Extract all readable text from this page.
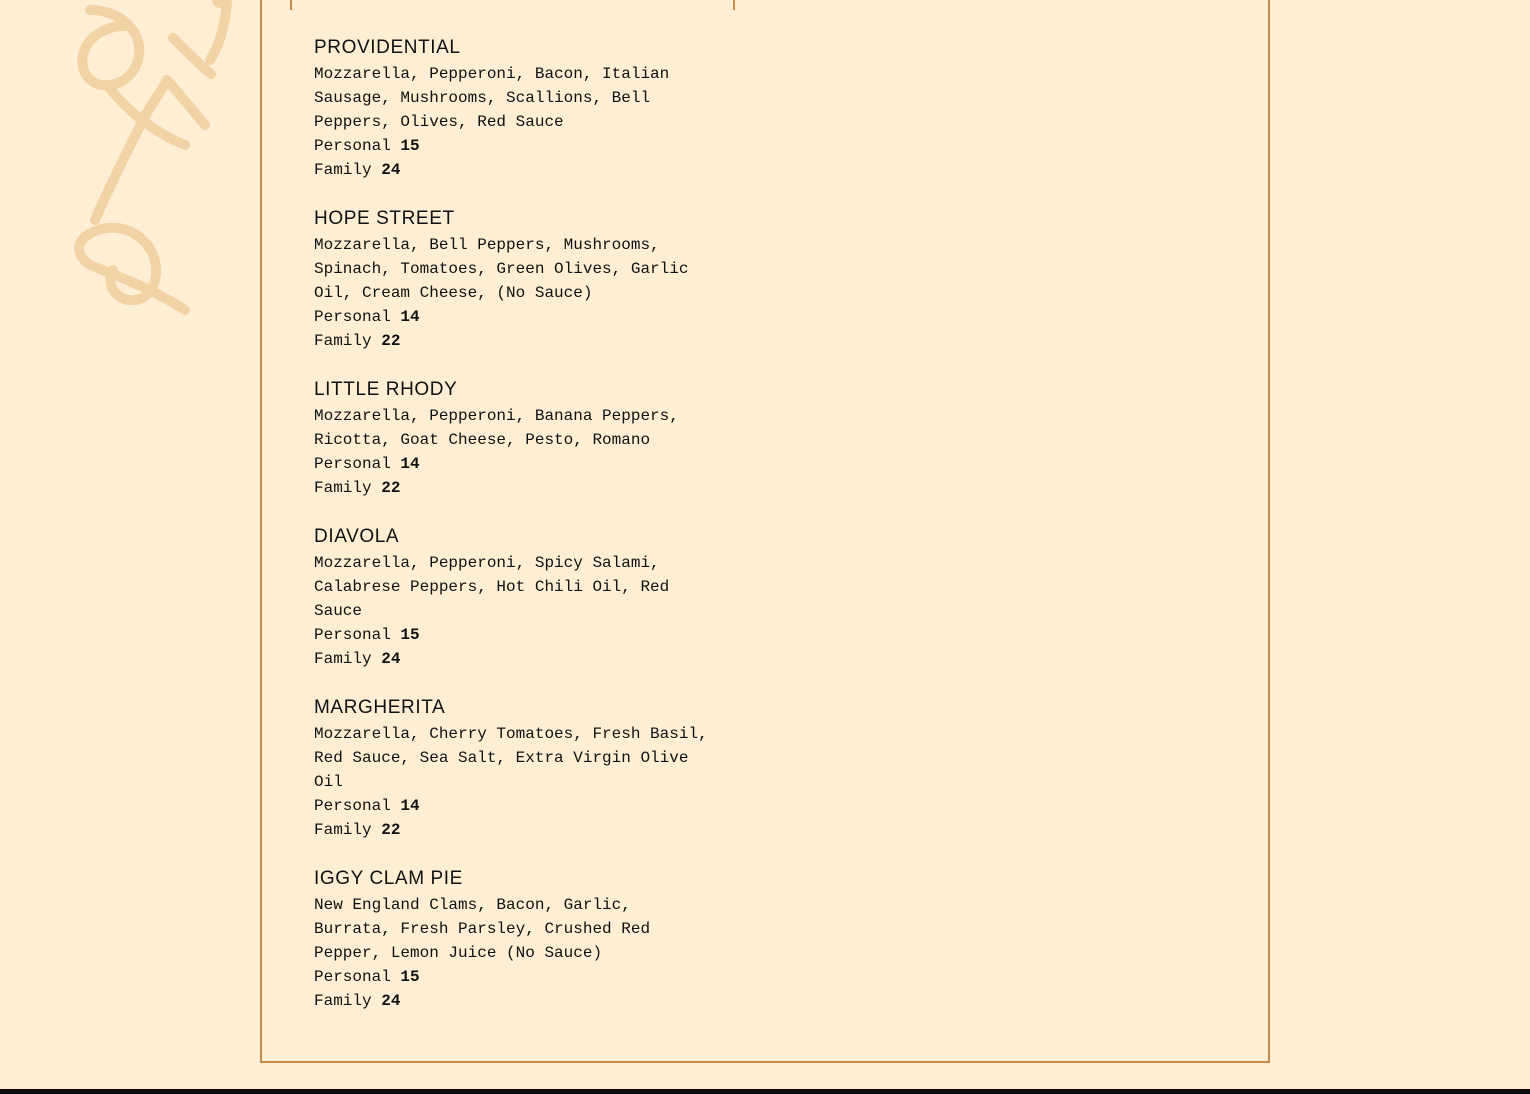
PROVIDENTIAL
Mozzarella, Pepperoni, Bacon, Italian
Sausage, Mushrooms, Scallions, Bell
Peppers, Olives, Red Sauce
Personal 15
Family 24
HOPE STREET
Mozzarella, Bell Peppers, Mushrooms,
Spinach, Tomatoes, Green Olives, Garlic
Oil, Cream Cheese, (No Sauce)
Personal 14
Family 22
LITTLE RHODY
Mozzarella, Pepperoni, Banana Peppers,
Ricotta, Goat Cheese, Pesto, Romano
Personal 14
Family 22
DIAVOLA
Mozzarella, Pepperoni, Spicy Salami,
Calabrese Peppers, Hot Chili Oil, Red
Sauce
Personal 15
Family 24
MARGHERITA
Mozzarella, Cherry Tomatoes, Fresh Basil,
Red Sauce, Sea Salt, Extra Virgin Olive
Oil
Personal 14
Family 22
IGGY CLAM PIE
New England Clams, Bacon, Garlic,
Burrata, Fresh Parsley, Crushed Red
Pepper, Lemon Juice (No Sauce)
Personal 15
Family 24
